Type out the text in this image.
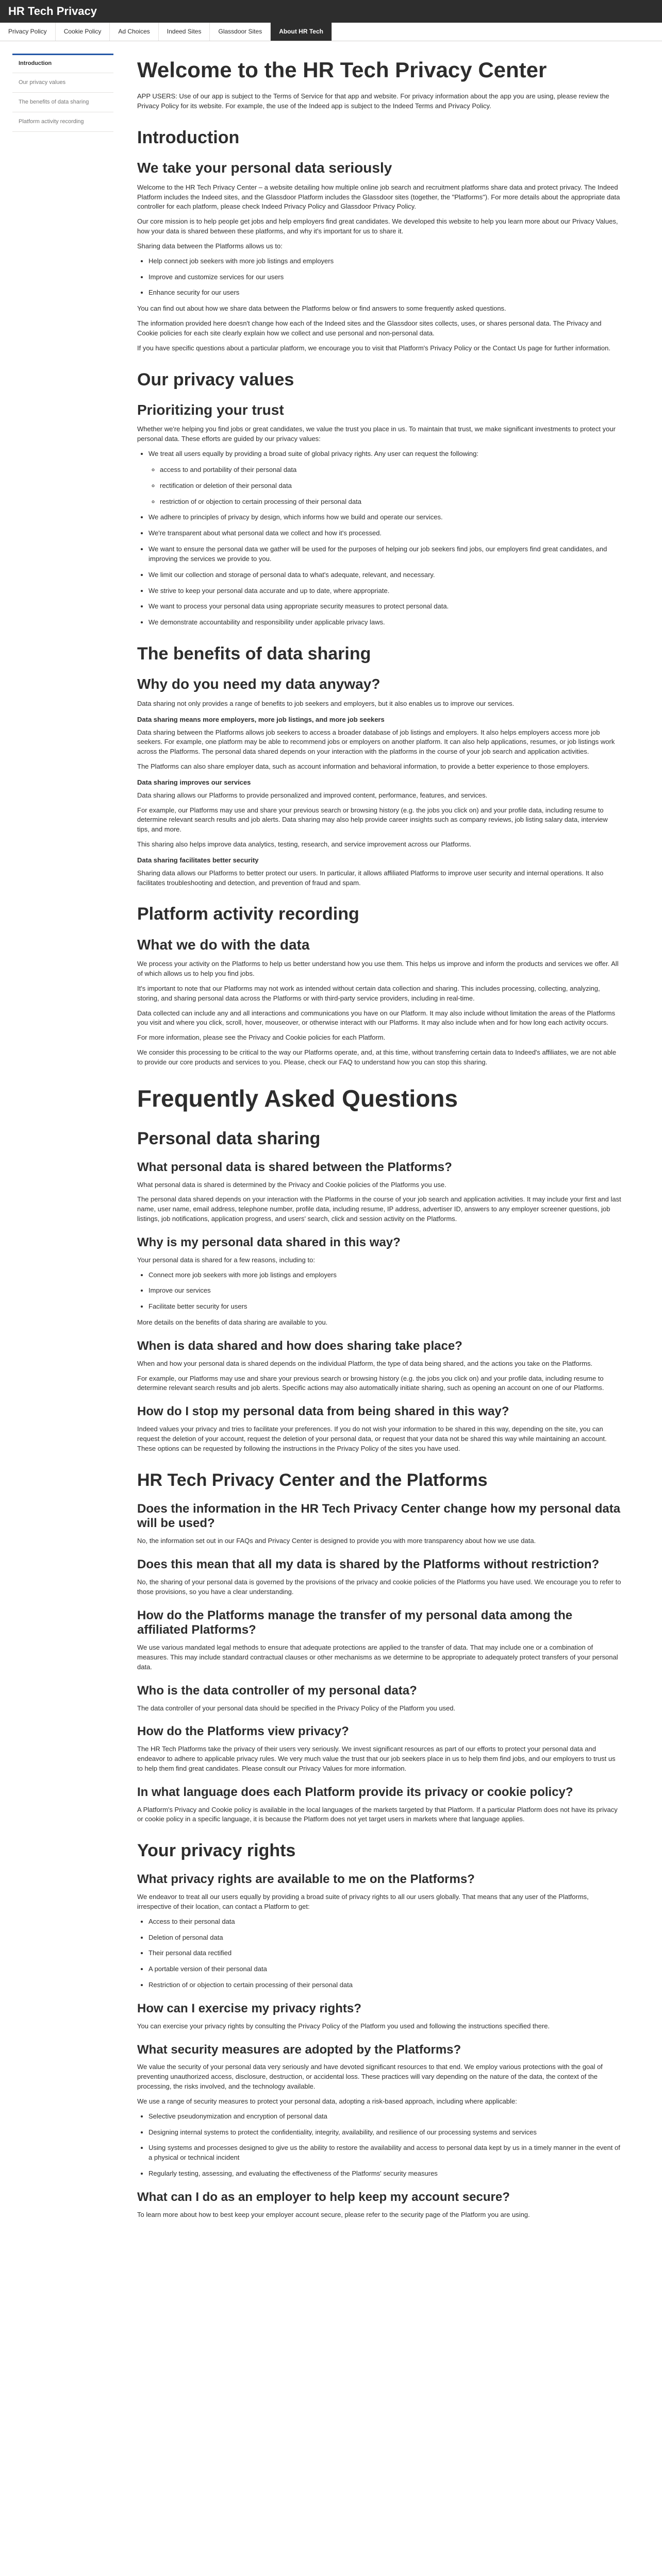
HR Tech Privacy
Privacy Policy	Cookie Policy	Ad Choices	Indeed Sites	Glassdoor Sites	About HR Tech
Introduction
Our privacy values
The benefits of data sharing
Platform activity recording
Welcome to the HR Tech Privacy Center

APP USERS: Use of our app is subject to the Terms of Service for that app and website. For privacy information about the app you are using, please review the Privacy Policy for its website. For example, the use of the Indeed app is subject to the Indeed Terms and Privacy Policy.

Introduction
We take your personal data seriously

Welcome to the HR Tech Privacy Center – a website detailing how multiple online job search and recruitment platforms share data and protect privacy. The Indeed Platform includes the Indeed sites, and the Glassdoor Platform includes the Glassdoor sites (together, the "Platforms"). For more details about the appropriate data controller for each platform, please check Indeed Privacy Policy and Glassdoor Privacy Policy.

Our core mission is to help people get jobs and help employers find great candidates. We developed this website to help you learn more about our Privacy Values, how your data is shared between these platforms, and why it's important for us to share it.

Sharing data between the Platforms allows us to:

• Help connect job seekers with more job listings and employers
• Improve and customize services for our users
• Enhance security for our users

You can find out about how we share data between the Platforms below or find answers to some frequently asked questions.

The information provided here doesn't change how each of the Indeed sites and the Glassdoor sites collects, uses, or shares personal data. The Privacy and Cookie policies for each site clearly explain how we collect and use personal and non-personal data.

If you have specific questions about a particular platform, we encourage you to visit that Platform's Privacy Policy or the Contact Us page for further information.

Our privacy values
Prioritizing your trust

Whether we're helping you find jobs or great candidates, we value the trust you place in us. To maintain that trust, we make significant investments to protect your personal data. These efforts are guided by our privacy values:

• We treat all users equally by providing a broad suite of global privacy rights. Any user can request the following:
◦ access to and portability of their personal data
◦ rectification or deletion of their personal data
◦ restriction of or objection to certain processing of their personal data
• We adhere to principles of privacy by design, which informs how we build and operate our services.
• We're transparent about what personal data we collect and how it's processed.
• We want to ensure the personal data we gather will be used for the purposes of helping our job seekers find jobs, our employers find great candidates, and improving the services we provide to you.
• We limit our collection and storage of personal data to what's adequate, relevant, and necessary.
• We strive to keep your personal data accurate and up to date, where appropriate.
• We want to process your personal data using appropriate security measures to protect personal data.
• We demonstrate accountability and responsibility under applicable privacy laws.
The benefits of data sharing
Why do you need my data anyway?

Data sharing not only provides a range of benefits to job seekers and employers, but it also enables us to improve our services.

Data sharing means more employers, more job listings, and more job seekers

Data sharing between the Platforms allows job seekers to access a broader database of job listings and employers. It also helps employers access more job seekers. For example, one platform may be able to recommend jobs or employers on another platform. It can also help applications, resumes, or job listings work across the Platforms. The personal data shared depends on your interaction with the platforms in the course of your job search and application activities.

The Platforms can also share employer data, such as account information and behavioral information, to provide a better experience to those employers.

Data sharing improves our services

Data sharing allows our Platforms to provide personalized and improved content, performance, features, and services.

For example, our Platforms may use and share your previous search or browsing history (e.g. the jobs you click on) and your profile data, including resume to determine relevant search results and job alerts. Data sharing may also help provide career insights such as company reviews, job listing salary data, interview tips, and more.

This sharing also helps improve data analytics, testing, research, and service improvement across our Platforms.

Data sharing facilitates better security

Sharing data allows our Platforms to better protect our users. In particular, it allows affiliated Platforms to improve user security and internal operations. It also facilitates troubleshooting and detection, and prevention of fraud and spam.

Platform activity recording
What we do with the data

We process your activity on the Platforms to help us better understand how you use them. This helps us improve and inform the products and services we offer. All of which allows us to help you find jobs.

It's important to note that our Platforms may not work as intended without certain data collection and sharing. This includes processing, collecting, analyzing, storing, and sharing personal data across the Platforms or with third-party service providers, including in real-time.

Data collected can include any and all interactions and communications you have on our Platform. It may also include without limitation the areas of the Platforms you visit and where you click, scroll, hover, mouseover, or otherwise interact with our Platforms. It may also include when and for how long each activity occurs.

For more information, please see the Privacy and Cookie policies for each Platform.

We consider this processing to be critical to the way our Platforms operate, and, at this time, without transferring certain data to Indeed's affiliates, we are not able to provide our core products and services to you. Please, check our FAQ to understand how you can stop this sharing.

Frequently Asked Questions
Personal data sharing
What personal data is shared between the Platforms?

What personal data is shared is determined by the Privacy and Cookie policies of the Platforms you use.

The personal data shared depends on your interaction with the Platforms in the course of your job search and application activities. It may include your first and last name, user name, email address, telephone number, profile data, including resume, IP address, advertiser ID, answers to any employer screener questions, job listings, job notifications, application progress, and users' search, click and session activity on the Platforms.

Why is my personal data shared in this way?

Your personal data is shared for a few reasons, including to:

• Connect more job seekers with more job listings and employers
• Improve our services
• Facilitate better security for users

More details on the benefits of data sharing are available to you.

When is data shared and how does sharing take place?

When and how your personal data is shared depends on the individual Platform, the type of data being shared, and the actions you take on the Platforms.

For example, our Platforms may use and share your previous search or browsing history (e.g. the jobs you click on) and your profile data, including resume to determine relevant search results and job alerts. Specific actions may also automatically initiate sharing, such as opening an account on one of our Platforms.

How do I stop my personal data from being shared in this way?

Indeed values your privacy and tries to facilitate your preferences. If you do not wish your information to be shared in this way, depending on the site, you can request the deletion of your account, request the deletion of your personal data, or request that your data not be shared this way while maintaining an account. These options can be requested by following the instructions in the Privacy Policy of the sites you have used.

HR Tech Privacy Center and the Platforms
Does the information in the HR Tech Privacy Center change how my personal data will be used?

No, the information set out in our FAQs and Privacy Center is designed to provide you with more transparency about how we use data.

Does this mean that all my data is shared by the Platforms without restriction?

No, the sharing of your personal data is governed by the provisions of the privacy and cookie policies of the Platforms you have used. We encourage you to refer to those provisions, so you have a clear understanding.

How do the Platforms manage the transfer of my personal data among the affiliated Platforms?

We use various mandated legal methods to ensure that adequate protections are applied to the transfer of data. That may include one or a combination of measures. This may include standard contractual clauses or other mechanisms as we determine to be appropriate to adequately protect transfers of your personal data.

Who is the data controller of my personal data?

The data controller of your personal data should be specified in the Privacy Policy of the Platform you used.

How do the Platforms view privacy?

The HR Tech Platforms take the privacy of their users very seriously. We invest significant resources as part of our efforts to protect your personal data and endeavor to adhere to applicable privacy rules. We very much value the trust that our job seekers place in us to help them find jobs, and our employers to trust us to help them find great candidates. Please consult our Privacy Values for more information.

In what language does each Platform provide its privacy or cookie policy?

A Platform's Privacy and Cookie policy is available in the local languages of the markets targeted by that Platform. If a particular Platform does not have its privacy or cookie policy in a specific language, it is because the Platform does not yet target users in markets where that language applies.

Your privacy rights
What privacy rights are available to me on the Platforms?

We endeavor to treat all our users equally by providing a broad suite of privacy rights to all our users globally. That means that any user of the Platforms, irrespective of their location, can contact a Platform to get:

• Access to their personal data
• Deletion of personal data
• Their personal data rectified
• A portable version of their personal data
• Restriction of or objection to certain processing of their personal data
How can I exercise my privacy rights?

You can exercise your privacy rights by consulting the Privacy Policy of the Platform you used and following the instructions specified there.

What security measures are adopted by the Platforms?

We value the security of your personal data very seriously and have devoted significant resources to that end. We employ various protections with the goal of preventing unauthorized access, disclosure, destruction, or accidental loss. These practices will vary depending on the nature of the data, the context of the processing, the risks involved, and the technology available.

We use a range of security measures to protect your personal data, adopting a risk-based approach, including where applicable:

• Selective pseudonymization and encryption of personal data
• Designing internal systems to protect the confidentiality, integrity, availability, and resilience of our processing systems and services
• Using systems and processes designed to give us the ability to restore the availability and access to personal data kept by us in a timely manner in the event of a physical or technical incident
• Regularly testing, assessing, and evaluating the effectiveness of the Platforms' security measures
What can I do as an employer to help keep my account secure?

To learn more about how to best keep your employer account secure, please refer to the security page of the Platform you are using.
